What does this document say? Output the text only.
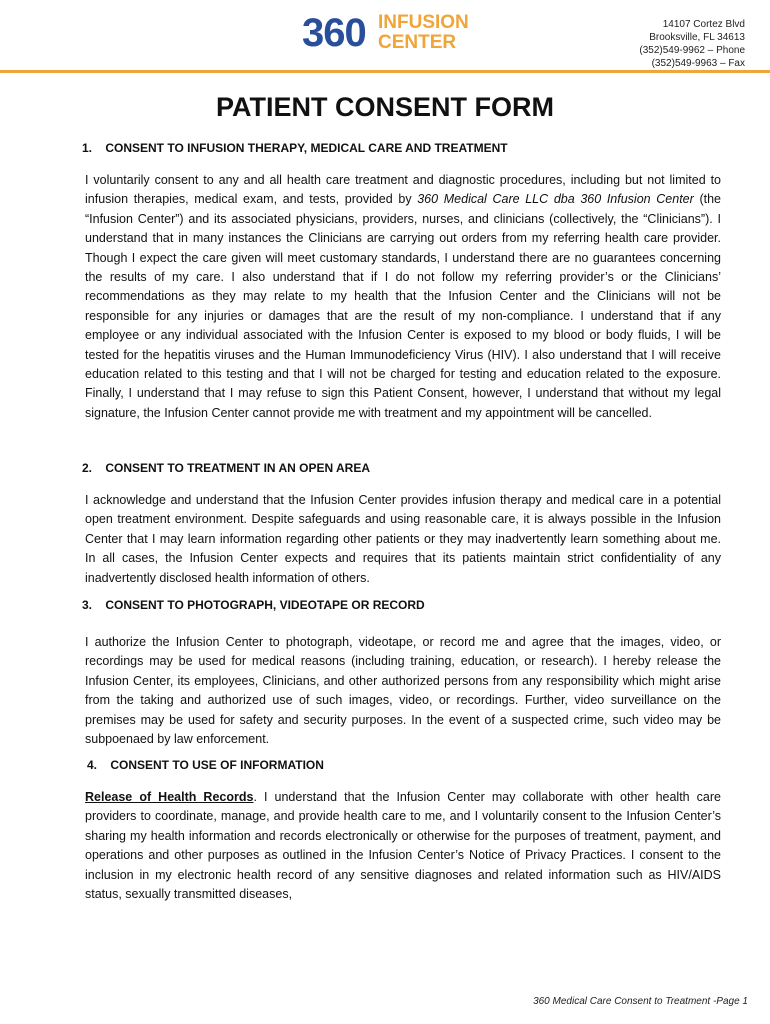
360 INFUSION
CENTER
14107 Cortez Blvd
Brooksville, FL 34613
(352)549-9962 – Phone
(352)549-9963 – Fax
PATIENT CONSENT FORM
1. CONSENT TO INFUSION THERAPY, MEDICAL CARE AND TREATMENT
I voluntarily consent to any and all health care treatment and diagnostic procedures, including but not limited to infusion therapies, medical exam, and tests, provided by 360 Medical Care LLC dba 360 Infusion Center (the “Infusion Center”) and its associated physicians, providers, nurses, and clinicians (collectively, the “Clinicians”). I understand that in many instances the Clinicians are carrying out orders from my referring health care provider. Though I expect the care given will meet customary standards, I understand there are no guarantees concerning the results of my care. I also understand that if I do not follow my referring provider’s or the Clinicians’ recommendations as they may relate to my health that the Infusion Center and the Clinicians will not be responsible for any injuries or damages that are the result of my non-compliance. I understand that if any employee or any individual associated with the Infusion Center is exposed to my blood or body fluids, I will be tested for the hepatitis viruses and the Human Immunodeficiency Virus (HIV). I also understand that I will receive education related to this testing and that I will not be charged for testing and education related to the exposure. Finally, I understand that I may refuse to sign this Patient Consent, however, I understand that without my legal signature, the Infusion Center cannot provide me with treatment and my appointment will be cancelled.
2. CONSENT TO TREATMENT IN AN OPEN AREA
I acknowledge and understand that the Infusion Center provides infusion therapy and medical care in a potential open treatment environment. Despite safeguards and using reasonable care, it is always possible in the Infusion Center that I may learn information regarding other patients or they may inadvertently learn something about me. In all cases, the Infusion Center expects and requires that its patients maintain strict confidentiality of any inadvertently disclosed health information of others.
3. CONSENT TO PHOTOGRAPH, VIDEOTAPE OR RECORD
I authorize the Infusion Center to photograph, videotape, or record me and agree that the images, video, or recordings may be used for medical reasons (including training, education, or research). I hereby release the Infusion Center, its employees, Clinicians, and other authorized persons from any responsibility which might arise from the taking and authorized use of such images, video, or recordings. Further, video surveillance on the premises may be used for safety and security purposes. In the event of a suspected crime, such video may be subpoenaed by law enforcement.
4. CONSENT TO USE OF INFORMATION
Release of Health Records. I understand that the Infusion Center may collaborate with other health care providers to coordinate, manage, and provide health care to me, and I voluntarily consent to the Infusion Center’s sharing my health information and records electronically or otherwise for the purposes of treatment, payment, and operations and other purposes as outlined in the Infusion Center’s Notice of Privacy Practices. I consent to the inclusion in my electronic health record of any sensitive diagnoses and related information such as HIV/AIDS status, sexually transmitted diseases,
360 Medical Care Consent to Treatment -Page 1
